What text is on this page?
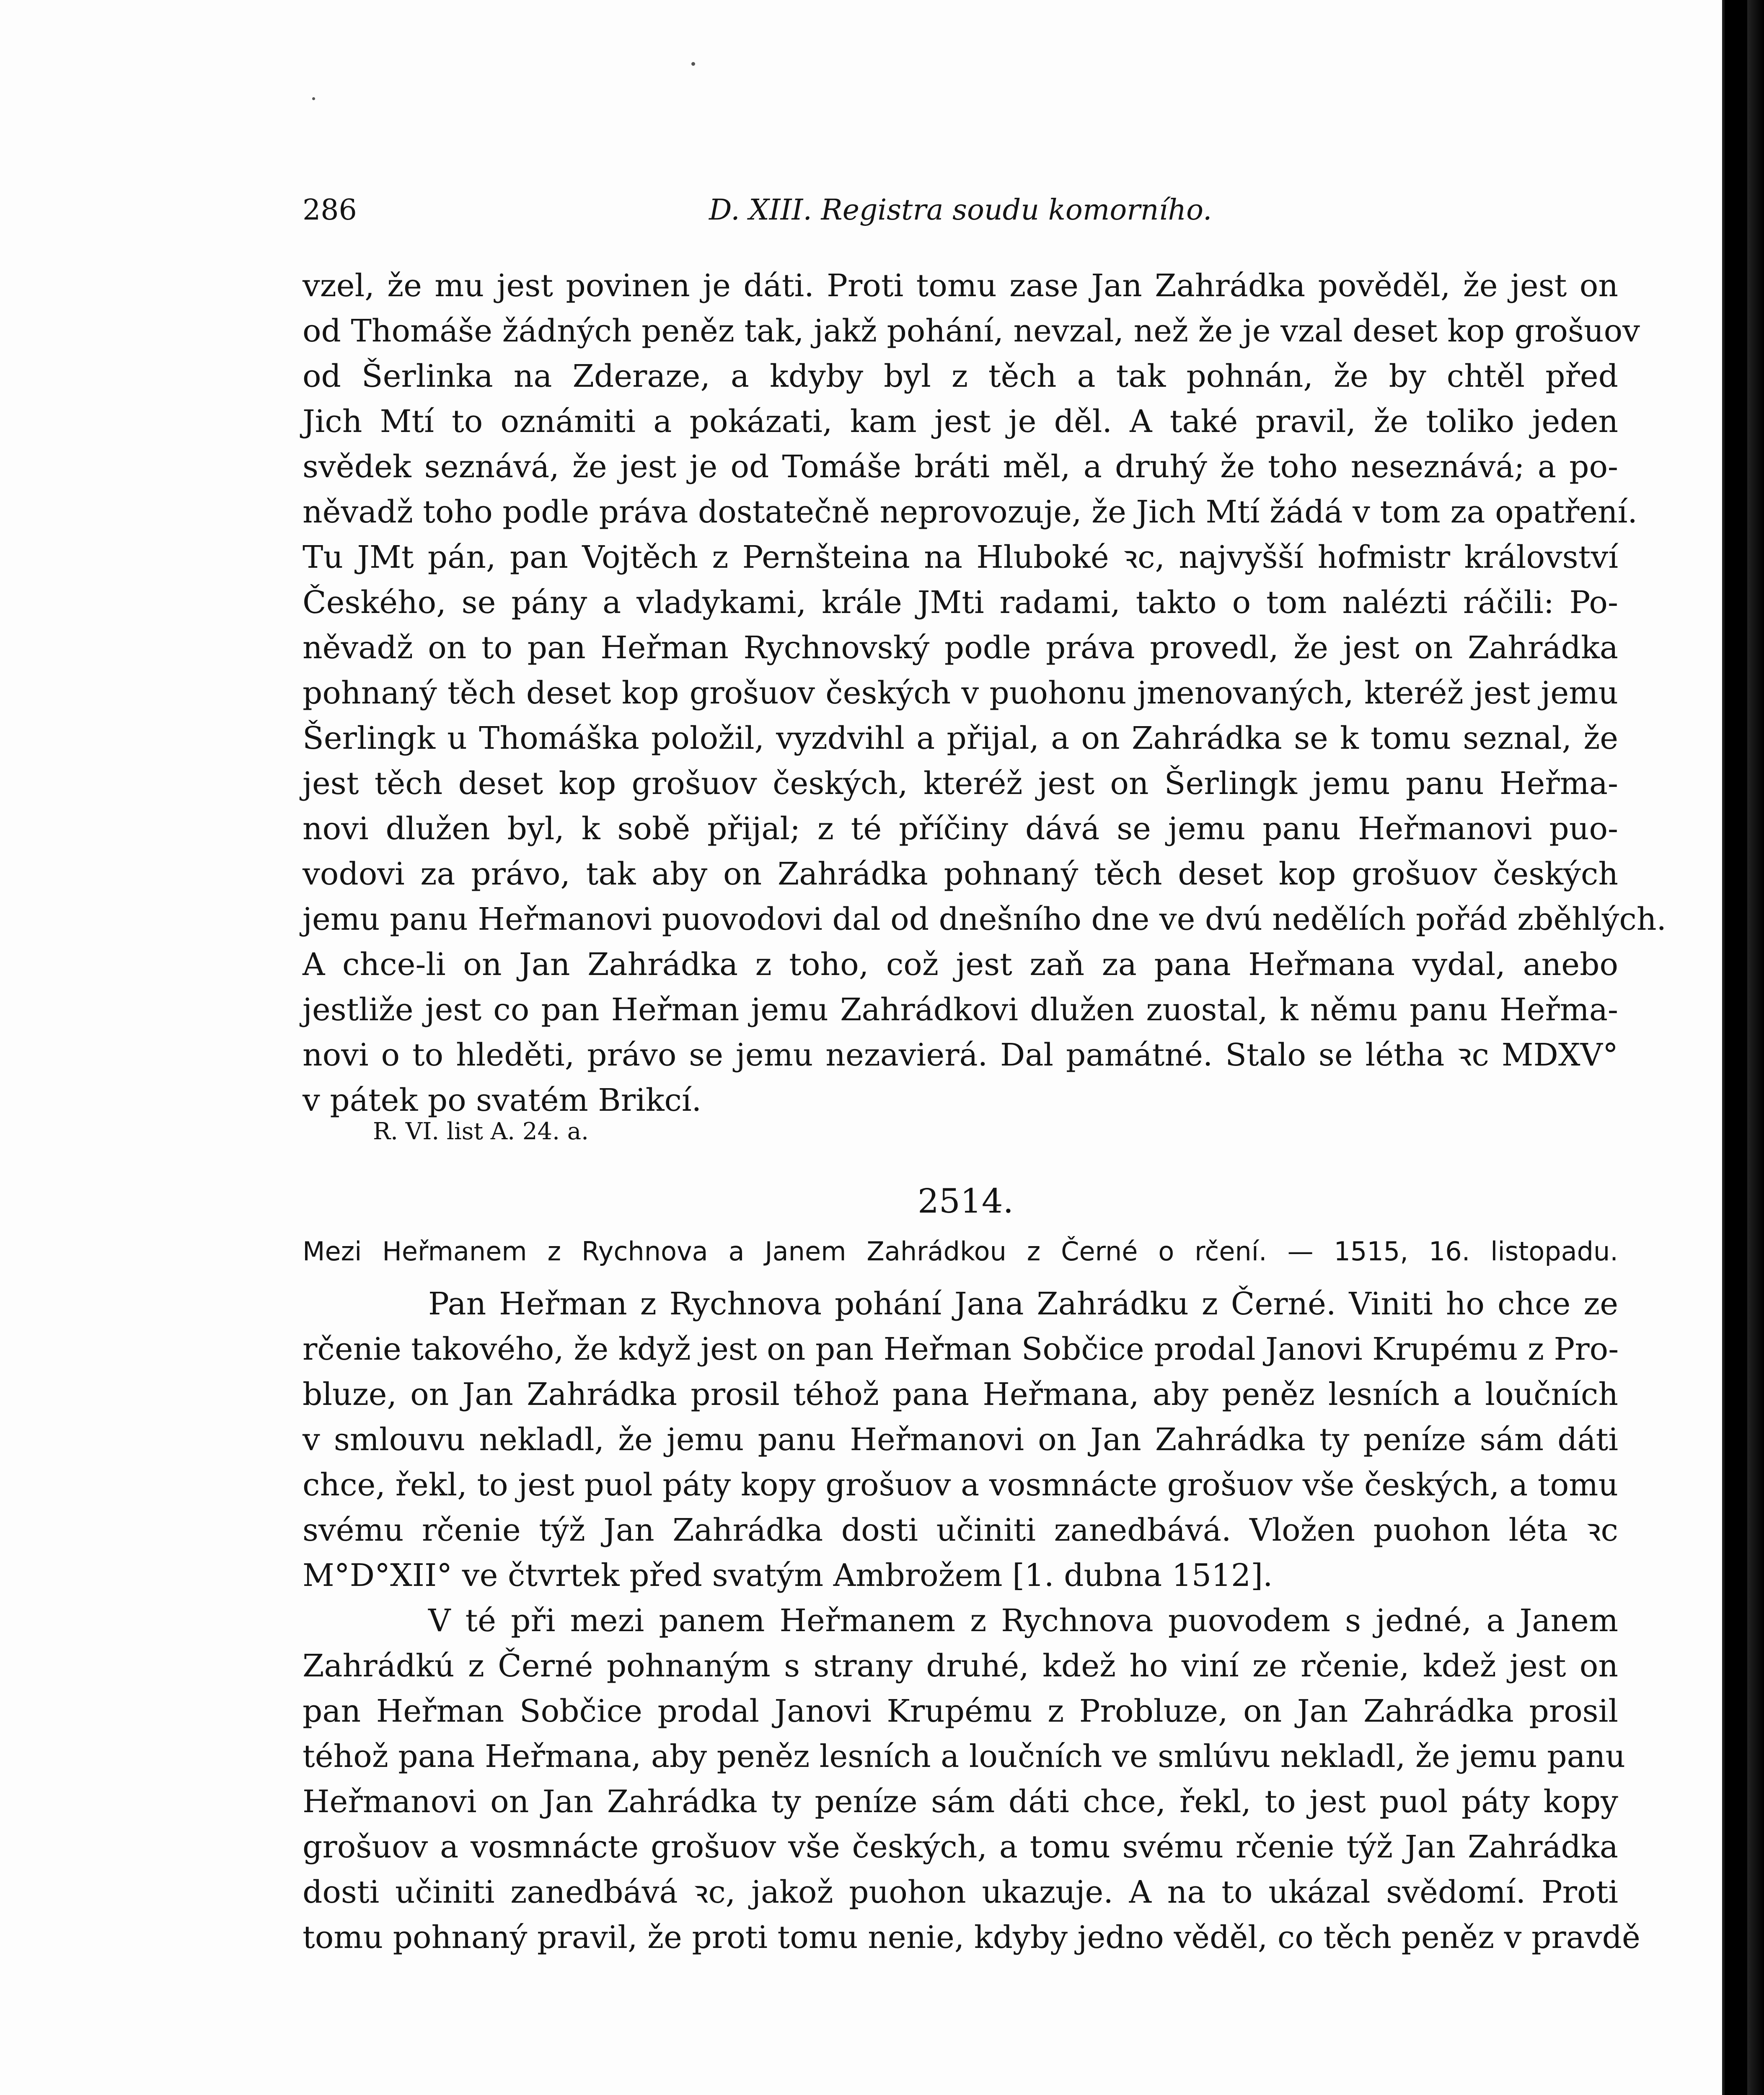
286	D. XIII. Registra soudu komorního.
vzel, že mu jest povinen je dáti. Proti tomu zase Jan Zahrádka pověděl, že jest on
od Thomáše žádných peněz tak, jakž pohání, nevzal, než že je vzal deset kop grošuov
od Šerlinka na Zderaze, a kdyby byl z těch a tak pohnán, že by chtěl před
Jich Mtí to oznámiti a pokázati, kam jest je děl. A také pravil, že toliko jeden
svědek seznává, že jest je od Tomáše bráti měl, a druhý že toho neseznává; a po-
něvadž toho podle práva dostatečně neprovozuje, že Jich Mtí žádá v tom za opatření.
Tu JMt pán, pan Vojtěch z Pernšteina na Hluboké ꝛc, najvyšší hofmistr království
Českého, se pány a vladykami, krále JMti radami, takto o tom nalézti ráčili: Po-
něvadž on to pan Heřman Rychnovský podle práva provedl, že jest on Zahrádka
pohnaný těch deset kop grošuov českých v puohonu jmenovaných, kteréž jest jemu
Šerlingk u Thomáška položil, vyzdvihl a přijal, a on Zahrádka se k tomu seznal, že
jest těch deset kop grošuov českých, kteréž jest on Šerlingk jemu panu Heřma-
novi dlužen byl, k sobě přijal; z té příčiny dává se jemu panu Heřmanovi puo-
vodovi za právo, tak aby on Zahrádka pohnaný těch deset kop grošuov českých
jemu panu Heřmanovi puovodovi dal od dnešního dne ve dvú nedělích pořád zběhlých.
A chce-li on Jan Zahrádka z toho, což jest zaň za pana Heřmana vydal, anebo
jestliže jest co pan Heřman jemu Zahrádkovi dlužen zuostal, k němu panu Heřma-
novi o to hleděti, právo se jemu nezavierá. Dal památné. Stalo se létha ꝛc MDXV°
v pátek po svatém Brikcí.
R. VI. list A. 24. a.
2514.
Mezi Heřmanem z Rychnova a Janem Zahrádkou z Černé o rčení. — 1515, 16. listopadu.
Pan Heřman z Rychnova pohání Jana Zahrádku z Černé. Viniti ho chce ze
rčenie takového, že když jest on pan Heřman Sobčice prodal Janovi Krupému z Pro-
bluze, on Jan Zahrádka prosil téhož pana Heřmana, aby peněz lesních a loučních
v smlouvu nekladl, že jemu panu Heřmanovi on Jan Zahrádka ty peníze sám dáti
chce, řekl, to jest puol páty kopy grošuov a vosmnácte grošuov vše českých, a tomu
svému rčenie týž Jan Zahrádka dosti učiniti zanedbává. Vložen puohon léta ꝛc
M°D°XII° ve čtvrtek před svatým Ambrožem [1. dubna 1512].
V té při mezi panem Heřmanem z Rychnova puovodem s jedné, a Janem
Zahrádkú z Černé pohnaným s strany druhé, kdež ho viní ze rčenie, kdež jest on
pan Heřman Sobčice prodal Janovi Krupému z Probluze, on Jan Zahrádka prosil
téhož pana Heřmana, aby peněz lesních a loučních ve smlúvu nekladl, že jemu panu
Heřmanovi on Jan Zahrádka ty peníze sám dáti chce, řekl, to jest puol páty kopy
grošuov a vosmnácte grošuov vše českých, a tomu svému rčenie týž Jan Zahrádka
dosti učiniti zanedbává ꝛc, jakož puohon ukazuje. A na to ukázal svědomí. Proti
tomu pohnaný pravil, že proti tomu nenie, kdyby jedno věděl, co těch peněz v pravdě
